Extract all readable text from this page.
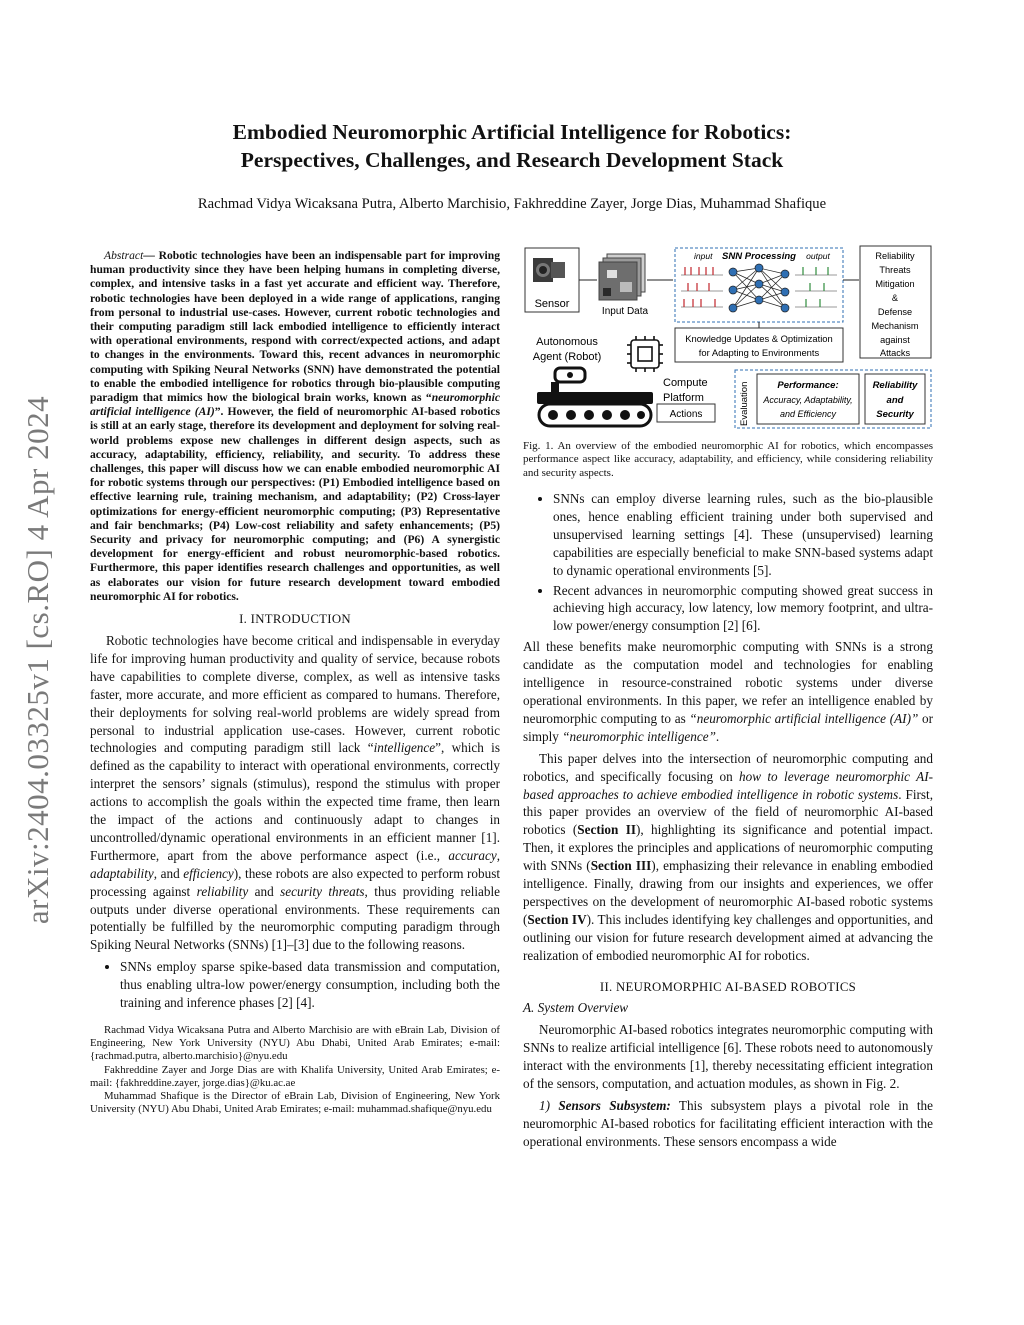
arXiv:2404.03325v1 [cs.RO] 4 Apr 2024
Embodied Neuromorphic Artificial Intelligence for Robotics:
Perspectives, Challenges, and Research Development Stack
Rachmad Vidya Wicaksana Putra, Alberto Marchisio, Fakhreddine Zayer, Jorge Dias, Muhammad Shafique

Abstract— Robotic technologies have been an indispensable part for improving human productivity since they have been helping humans in completing diverse, complex, and intensive tasks in a fast yet accurate and efficient way. Therefore, robotic technologies have been deployed in a wide range of applications, ranging from personal to industrial use-cases. However, current robotic technologies and their computing paradigm still lack embodied intelligence to efficiently interact with operational environments, respond with correct/expected actions, and adapt to changes in the environments. Toward this, recent advances in neuromorphic computing with Spiking Neural Networks (SNN) have demonstrated the potential to enable the embodied intelligence for robotics through bio-plausible computing paradigm that mimics how the biological brain works, known as “neuromorphic artificial intelligence (AI)”. However, the field of neuromorphic AI-based robotics is still at an early stage, therefore its development and deployment for solving real-world problems expose new challenges in different design aspects, such as accuracy, adaptability, efficiency, reliability, and security. To address these challenges, this paper will discuss how we can enable embodied neuromorphic AI for robotic systems through our perspectives: (P1) Embodied intelligence based on effective learning rule, training mechanism, and adaptability; (P2) Cross-layer optimizations for energy-efficient neuromorphic computing; (P3) Representative and fair benchmarks; (P4) Low-cost reliability and safety enhancements; (P5) Security and privacy for neuromorphic computing; and (P6) A synergistic development for energy-efficient and robust neuromorphic-based robotics. Furthermore, this paper identifies research challenges and opportunities, as well as elaborates our vision for future research development toward embodied neuromorphic AI for robotics.

I. INTRODUCTION

Robotic technologies have become critical and indispensable in everyday life for improving human productivity and quality of service, because robots have capabilities to complete diverse, complex, as well as intensive tasks faster, more accurate, and more efficient as compared to humans. Therefore, their deployments for solving real-world problems are widely spread from personal to industrial application use-cases. However, current robotic technologies and computing paradigm still lack “intelligence”, which is defined as the capability to interact with operational environments, correctly interpret the sensors’ signals (stimulus), respond the stimulus with proper actions to accomplish the goals within the expected time frame, then learn the impact of the actions and continuously adapt to changes in uncontrolled/dynamic operational environments in an efficient manner [1]. Furthermore, apart from the above performance aspect (i.e., accuracy, adaptability, and efficiency), these robots are also expected to perform robust processing against reliability and security threats, thus providing reliable outputs under diverse operational environments. These requirements can potentially be fulfilled by the neuromorphic computing paradigm through Spiking Neural Networks (SNNs) [1]–[3] due to the following reasons.

• SNNs employ sparse spike-based data transmission and computation, thus enabling ultra-low power/energy consumption, including both the training and inference phases [2] [4].

Rachmad Vidya Wicaksana Putra and Alberto Marchisio are with eBrain Lab, Division of Engineering, New York University (NYU) Abu Dhabi, United Arab Emirates; e-mail: {rachmad.putra, alberto.marchisio}@nyu.edu

Fakhreddine Zayer and Jorge Dias are with Khalifa University, United Arab Emirates; e-mail: {fakhreddine.zayer, jorge.dias}@ku.ac.ae

Muhammad Shafique is the Director of eBrain Lab, Division of Engineering, New York University (NYU) Abu Dhabi, United Arab Emirates; e-mail: muhammad.shafique@nyu.edu

Sensor
Input Data
input SNN Processing output	Reliability
Threats
Mitigation
&
Defense
Mechanism
against
Attacks
Autonomous
Agent (Robot)
Knowledge Updates & Optimization
for Adapting to Environments
Compute
Platform
Actions	Evaluation	Performance:
Accuracy, Adaptability,
and Efficiency
Reliability
and
Security

Fig. 1. An overview of the embodied neuromorphic AI for robotics, which encompasses performance aspect like accuracy, adaptability, and efficiency, while considering reliability and security aspects.

• SNNs can employ diverse learning rules, such as the bio-plausible ones, hence enabling efficient training under both supervised and unsupervised learning settings [4]. These (unsupervised) learning capabilities are especially beneficial to make SNN-based systems adapt to dynamic operational environments [5].
• Recent advances in neuromorphic computing showed great success in achieving high accuracy, low latency, low memory footprint, and ultra-low power/energy consumption [2] [6].

All these benefits make neuromorphic computing with SNNs is a strong candidate as the computation model and technologies for enabling intelligence in resource-constrained robotic systems under diverse operational environments. In this paper, we refer an intelligence enabled by neuromorphic computing to as “neuromorphic artificial intelligence (AI)” or simply “neuromorphic intelligence”.

This paper delves into the intersection of neuromorphic computing and robotics, and specifically focusing on how to leverage neuromorphic AI-based approaches to achieve embodied intelligence in robotic systems. First, this paper provides an overview of the field of neuromorphic AI-based robotics (Section II), highlighting its significance and potential impact. Then, it explores the principles and applications of neuromorphic computing with SNNs (Section III), emphasizing their relevance in enabling embodied intelligence. Finally, drawing from our insights and experiences, we offer perspectives on the development of neuromorphic AI-based robotic systems (Section IV). This includes identifying key challenges and opportunities, and outlining our vision for future research development aimed at advancing the realization of embodied neuromorphic AI for robotics.

II. NEUROMORPHIC AI-BASED ROBOTICS
A. System Overview

Neuromorphic AI-based robotics integrates neuromorphic computing with SNNs to realize artificial intelligence [6]. These robots need to autonomously interact with the environments [1], thereby necessitating efficient integration of the sensors, computation, and actuation modules, as shown in Fig. 2.

1) Sensors Subsystem: This subsystem plays a pivotal role in the neuromorphic AI-based robotics for facilitating efficient interaction with the operational environments. These sensors encompass a wide
